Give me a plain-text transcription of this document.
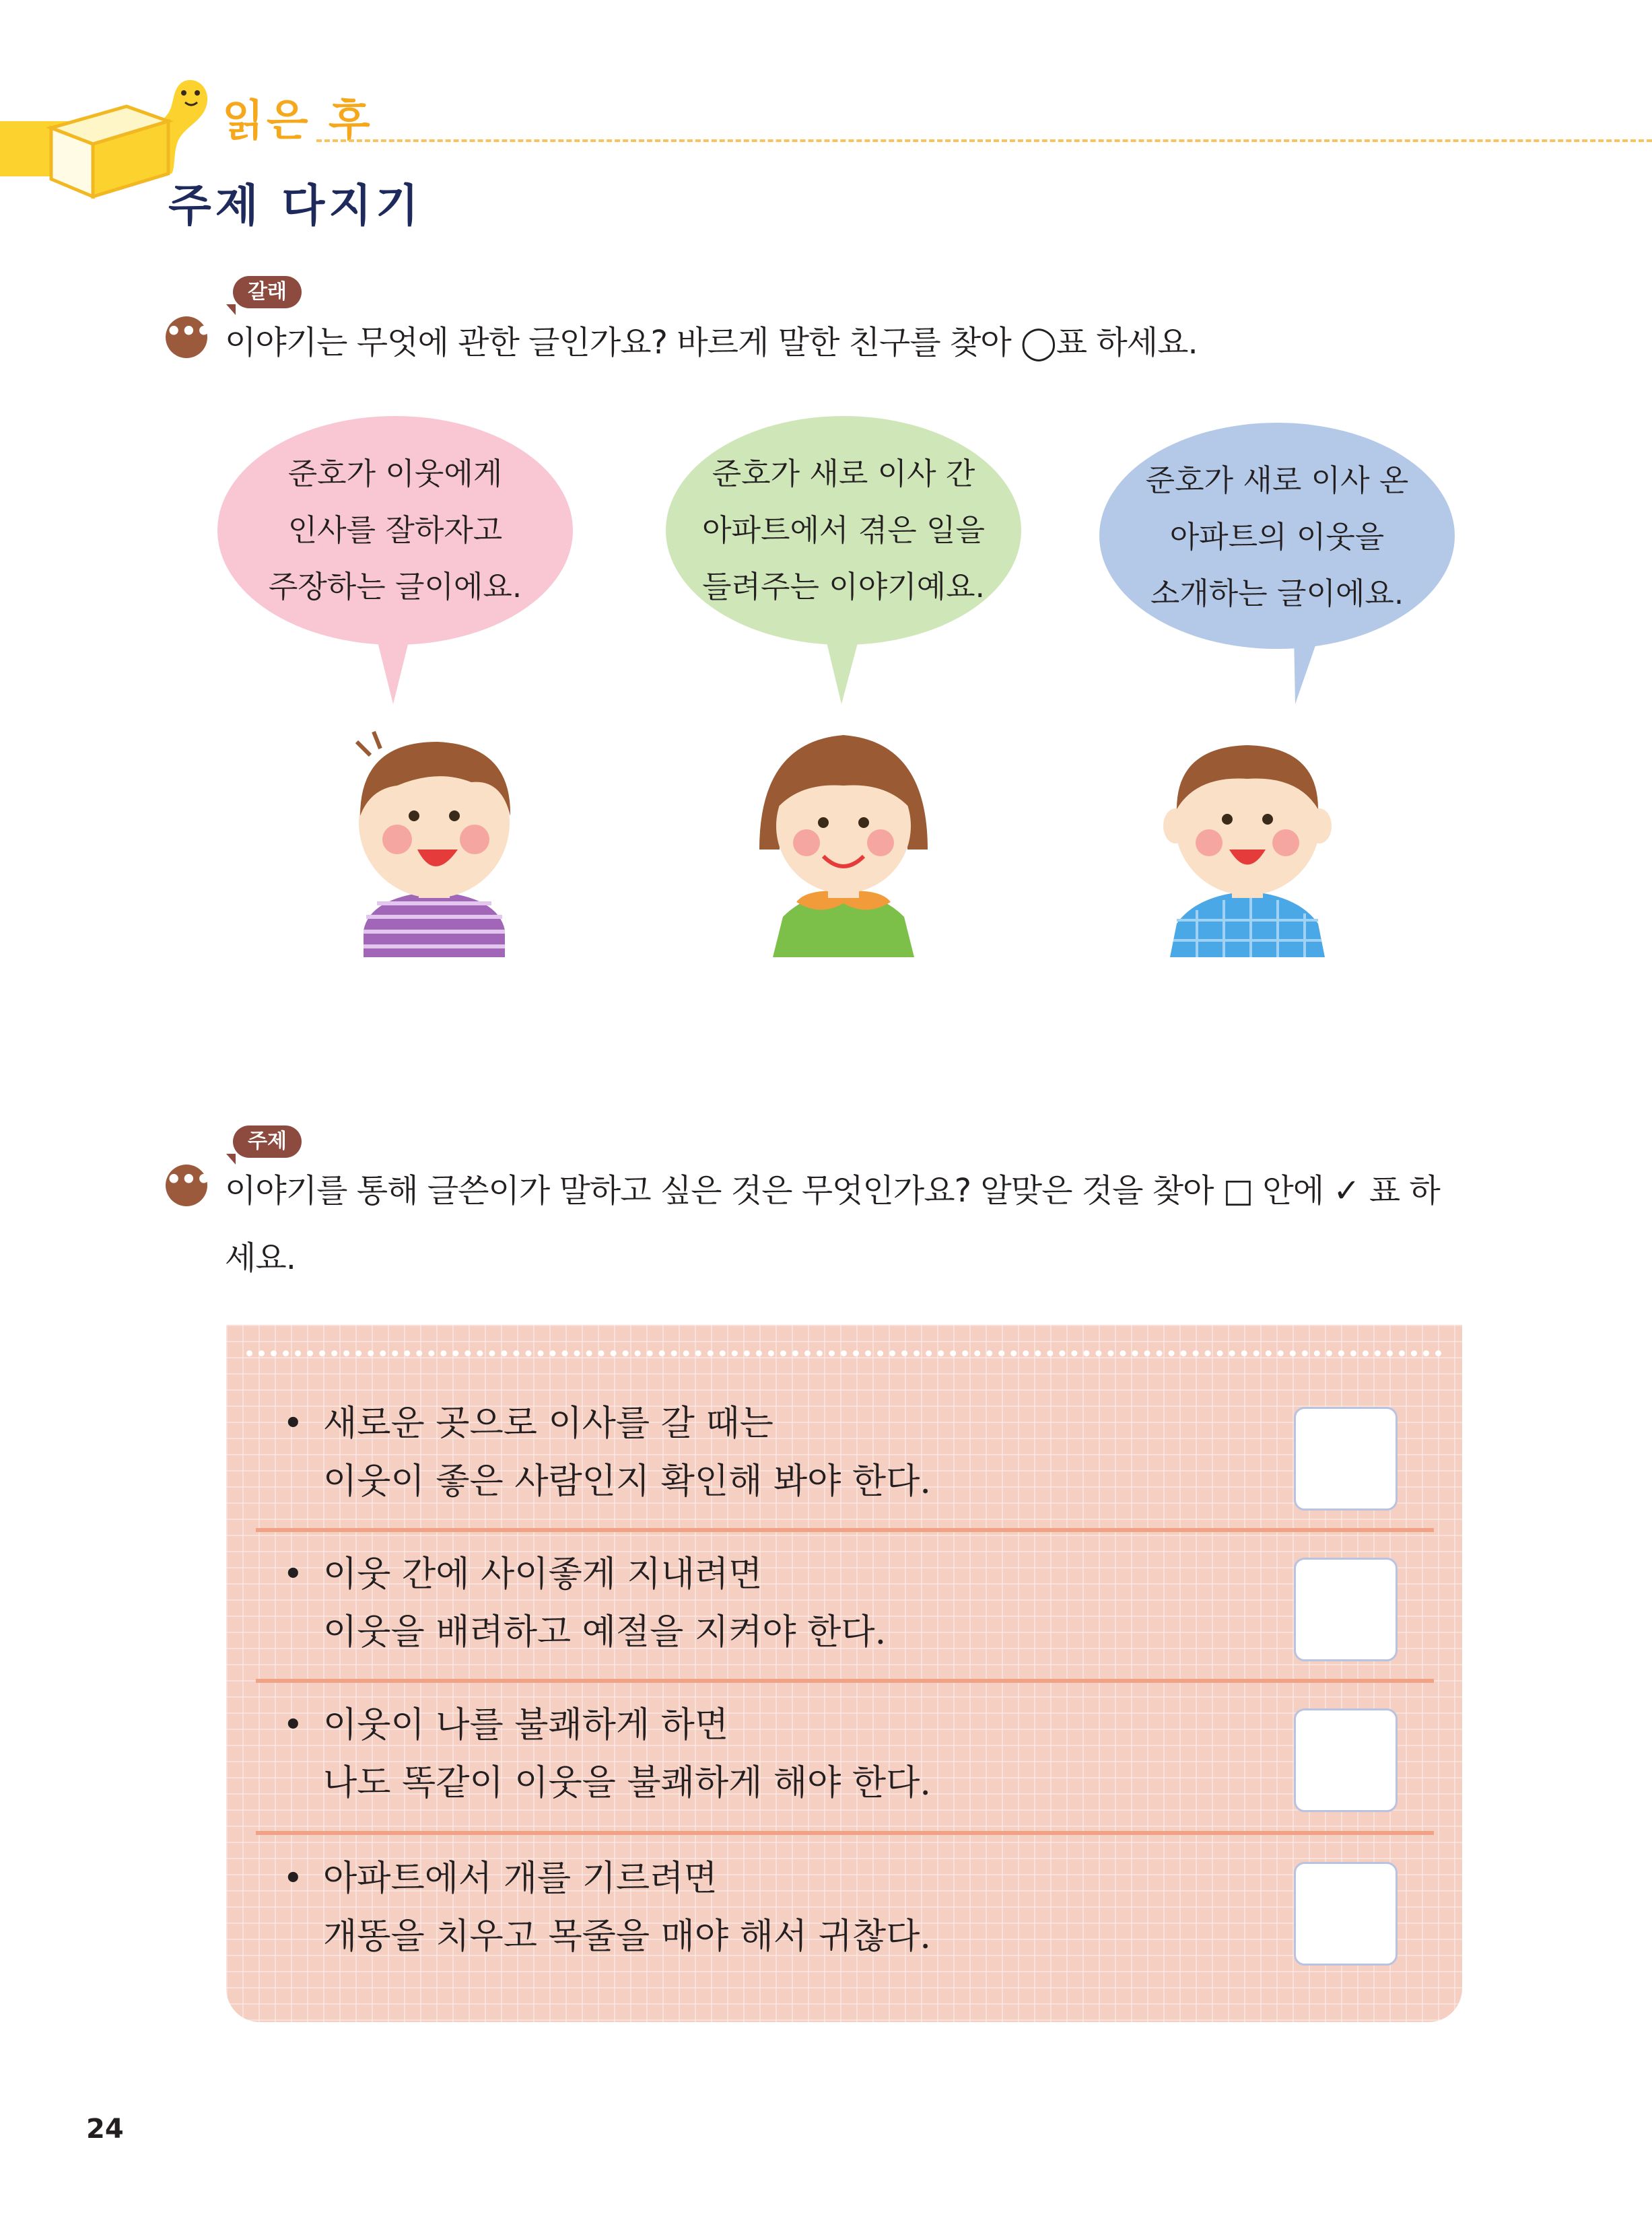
읽은 후
주제 다지기
갈래
••• 이야기는 무엇에 관한 글인가요? 바르게 말한 친구를 찾아 ◯표 하세요.
준호가 이웃에게
인사를 잘하자고
주장하는 글이에요.
준호가 새로 이사 간
아파트에서 겪은 일을
들려주는 이야기예요.
준호가 새로 이사 온
아파트의 이웃을
소개하는 글이에요.
주제
••• 이야기를 통해 글쓴이가 말하고 싶은 것은 무엇인가요? 알맞은 것을 찾아 □ 안에 ✓ 표 하
세요.
• 새로운 곳으로 이사를 갈 때는
이웃이 좋은 사람인지 확인해 봐야 한다.
• 이웃 간에 사이좋게 지내려면
이웃을 배려하고 예절을 지켜야 한다.
• 이웃이 나를 불쾌하게 하면
나도 똑같이 이웃을 불쾌하게 해야 한다.
• 아파트에서 개를 기르려면
개똥을 치우고 목줄을 매야 해서 귀찮다.
24
